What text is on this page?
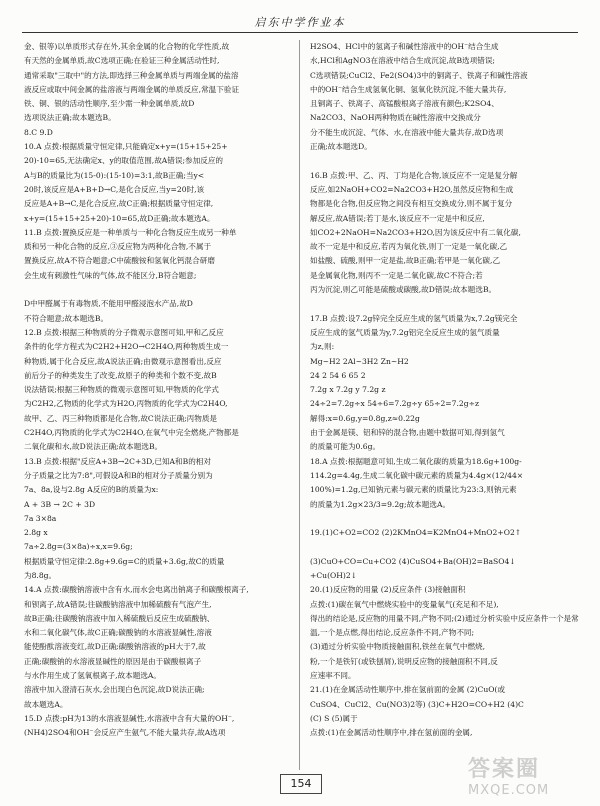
启东中学作业本
金、银等)以单质形式存在外,其余金属的化合物的化学性质,故
有天然的金属单质,故C选项正确;在验证三种金属活动性时,
通常采取"三取中"的方法,即选择三种金属单质与两端金属的盐溶
液反应或取中间金属的盐溶液与两端金属的单质反应,常温下验证
铁、铜、银的活动性顺序,至少需一种金属单质,故D
选项说法正确;故本题选B。
8.C 9.D
10.A 点拨:根据质量守恒定律,只能确定x+y=(15+15+25+
20)-10=65,无法确定x、y的取值范围,故A错误;参加反应的
A与B的质量比为(15-0):(15-10)=3:1,故B正确;当y<
20时,该反应是A+B+D→C,是化合反应,当y=20时,该
反应是A+B→C,是化合反应,故C正确;根据质量守恒定律,
x+y=(15+15+25+20)-10=65,故D正确;故本题选A。
11.B 点拨:置换反应是一种单质与一种化合物反应生成另一种单
质和另一种化合物的反应,③反应物为两种化合物,不属于
置换反应,故A不符合题意;C中硫酸铵和氢氧化钙混合研磨
会生成有刺激性气味的气体,故不能区分,B符合题意;
D中甲醛属于有毒物质,不能用甲醛浸泡水产品,故D
不符合题意;故本题选B。
12.B 点拨:根据三种物质的分子微观示意图可知,甲和乙反应
条件的化学方程式为C2H2+H2O→C2H4O,两种物质生成一
种物质,属于化合反应,故A说法正确;由微观示意图看出,反应
前后分子的种类发生了改变,故原子的种类和个数不变,故B
说法错误;根据三种物质的微观示意图可知,甲物质的化学式
为C2H2,乙物质的化学式为H2O,丙物质的化学式为C2H4O,
故甲、乙、丙三种物质都是化合物,故C说法正确;丙物质是
C2H4O,丙物质的化学式为C2H4O,在氧气中完全燃烧,产物都是
二氧化碳和水,故D说法正确;故本题选B。
13.B 点拨:根据"反应A+3B→2C+3D,已知A和B的相对
分子质量之比为7:8",可假设A和B的相对分子质量分别为
7a、8a,设与2.8g A反应的B的质量为x:
A + 3B → 2C + 3D
7a 3×8a
2.8g x
7a÷2.8g=(3×8a)÷x,x=9.6g;
根据质量守恒定律:2.8g+9.6g=C的质量+3.6g,故C的质量
为8.8g。
14.A 点拨:碳酸钠溶液中含有水,而水会电离出钠离子和碳酸根离子,
和钡离子,故A错误;往碳酸钠溶液中加稀硫酸有气泡产生,
故B正确;往碳酸钠溶液中加入稀硫酸后反应生成硫酸钠、
水和二氧化碳气体,故C正确;碳酸钠的水溶液显碱性,溶液
能使酚酞溶液变红,故D正确;碳酸钠溶液的pH大于7,故
正确;碳酸钠的水溶液显碱性的原因是由于碳酸根离子
与水作用生成了氢氧根离子,故本题选A。
溶液中加入澄清石灰水,会出现白色沉淀,故D说法正确;
故本题选A。
15.D 点拨:pH为13的水溶液显碱性,水溶液中含有大量的OH⁻,
(NH4)2SO4和OH⁻会反应产生氨气,不能大量共存,故A选项
H2SO4、HCl中的氢离子和碱性溶液中的OH⁻结合生成
水,HCl和AgNO3在溶液中结合生成沉淀,故B选项错误;
C选项错误;CuCl2、Fe2(SO4)3中的铜离子、铁离子和碱性溶液
中的OH⁻结合生成氢氧化铜、氢氧化铁沉淀,不能大量共存,
且铜离子、铁离子、高锰酸根离子溶液有颜色;K2SO4、
Na2CO3、NaOH两种物质在碱性溶液中交换成分
分不能生成沉淀、气体、水,在溶液中能大量共存,故D选项
正确;故本题选D。
16.B 点拨:甲、乙、丙、丁均是化合物,该反应不一定是复分解
反应,如2NaOH+CO2=Na2CO3+H2O,虽然反应物和生成
物都是化合物,但反应物之间没有相互交换成分,则不属于复分
解反应,故A错误;若丁是水,该反应不一定是中和反应,
如CO2+2NaOH=Na2CO3+H2O,因为该反应中有二氧化碳,
故不一定是中和反应,若丙为氧化铁,则丁一定是一氧化碳,乙
如盐酸、硫酸,则甲一定是盐,故B正确;若甲是一氧化碳,乙
是金属氧化物,则丙不一定是二氧化碳,故C不符合;若
丙为沉淀,则乙可能是硫酸或碳酸,故D错误;故本题选B。
17.B 点拨:设7.2g锌完全反应生成的氢气质量为x,7.2g镁完全
反应生成的氢气质量为y,7.2g铝完全反应生成的氢气质量
为z,则:
Mg~H2 2Al~3H2 Zn~H2
24 2 54 6 65 2
7.2g x 7.2g y 7.2g z
24÷2=7.2g÷x 54÷6=7.2g÷y 65÷2=7.2g÷z
解得:x=0.6g,y=0.8g,z≈0.22g
由于金属是镁、铝和锌的混合物,由题中数据可知,得到氢气
的质量可能为0.6g。
18.A 点拨:根据题意可知,生成二氧化碳的质量为18.6g+100g-
114.2g=4.4g,生成二氧化碳中碳元素的质量为4.4g×(12/44×
100%)=1.2g,已知钠元素与碳元素的质量比为23:3,则钠元素
的质量为1.2g×23/3=9.2g;故本题选A。
19.(1)C+O2=CO2 (2)2KMnO4=K2MnO4+MnO2+O2↑
(3)CuO+CO=Cu+CO2 (4)CuSO4+Ba(OH)2=BaSO4↓
+Cu(OH)2↓
20.(1)反应物的用量 (2)反应条件 (3)接触面积
点拨:(1)碳在氧气中燃烧实验中的变量氧气(充足和不足),
得出的结论是,反应物的用量不同,产物不同;(2)通过分析实验中反应条件一个是常
温,一个是点燃,得出结论,反应条件不同,产物不同;
(3)通过分析实验中物质接触面积,铁丝在氧气中燃烧,
粉,一个是铁钉(或铁刨屑),说明反应物的接触面积不同,反
应速率不同。
21.(1)在金属活动性顺序中,排在氢前面的金属 (2)CuO(或
CuSO4、CuCl2、Cu(NO3)2等) (3)C+H2O=CO+H2 (4)C
(C) S (5)属于
点拨:(1)在金属活动性顺序中,排在氢前面的金属,
154
答案圈
MXQE.COM
